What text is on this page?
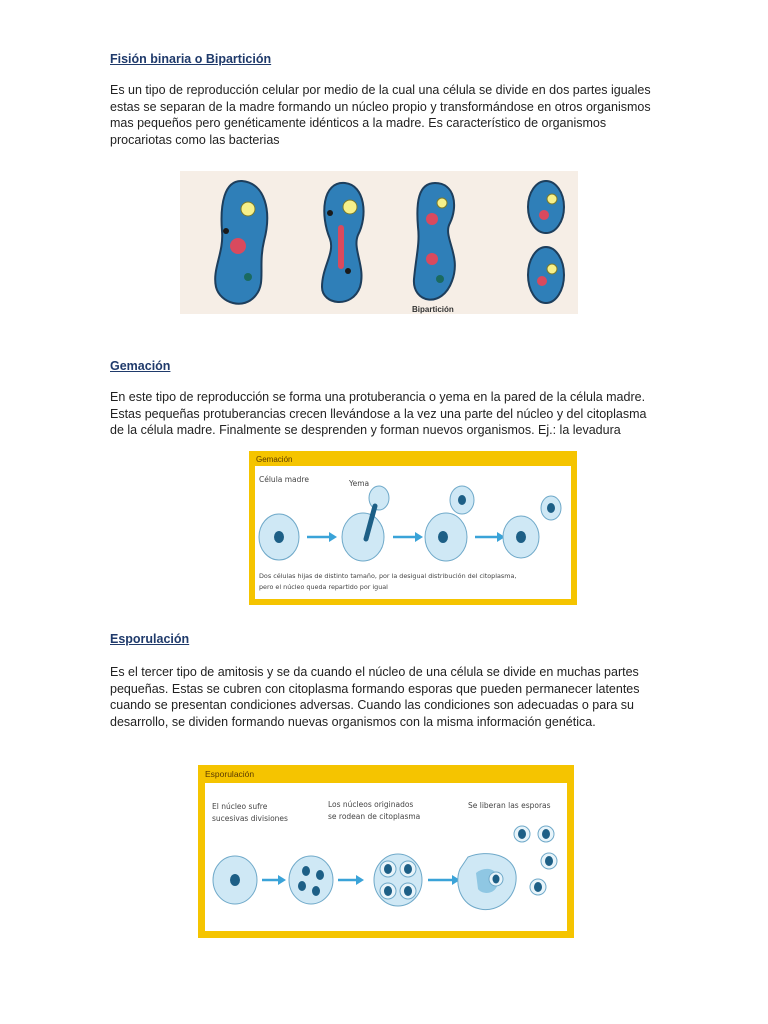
Fisión binaria o Bipartición

Es un tipo de reproducción celular por medio de la cual una célula se divide en dos partes iguales estas se separan de la madre formando un núcleo propio y transformándose en otros organismos mas pequeños pero genéticamente idénticos a la madre. Es característico de organismos procariotas como las bacterias

Bipartición
Gemación

En este tipo de reproducción se forma una protuberancia o yema en la pared de la célula madre. Estas pequeñas protuberancias crecen llevándose a la vez una parte del núcleo y del citoplasma de la célula madre. Finalmente se desprenden y forman nuevos organismos. Ej.: la levadura

Gemación
Célula madre	Yema
Dos células hijas de distinto tamaño, por la desigual distribución del citoplasma,
pero el núcleo queda repartido por igual
Esporulación

Es el tercer tipo de amitosis y se da cuando el núcleo de una célula se divide en muchas partes pequeñas. Estas se cubren con citoplasma formando esporas que pueden permanecer latentes cuando se presentan condiciones adversas. Cuando las condiciones son adecuadas o para su desarrollo, se dividen formando nuevas organismos con la misma información genética.

Esporulación
El núcleo sufre
sucesivas divisiones
Los núcleos originados
se rodean de citoplasma
Se liberan las esporas
